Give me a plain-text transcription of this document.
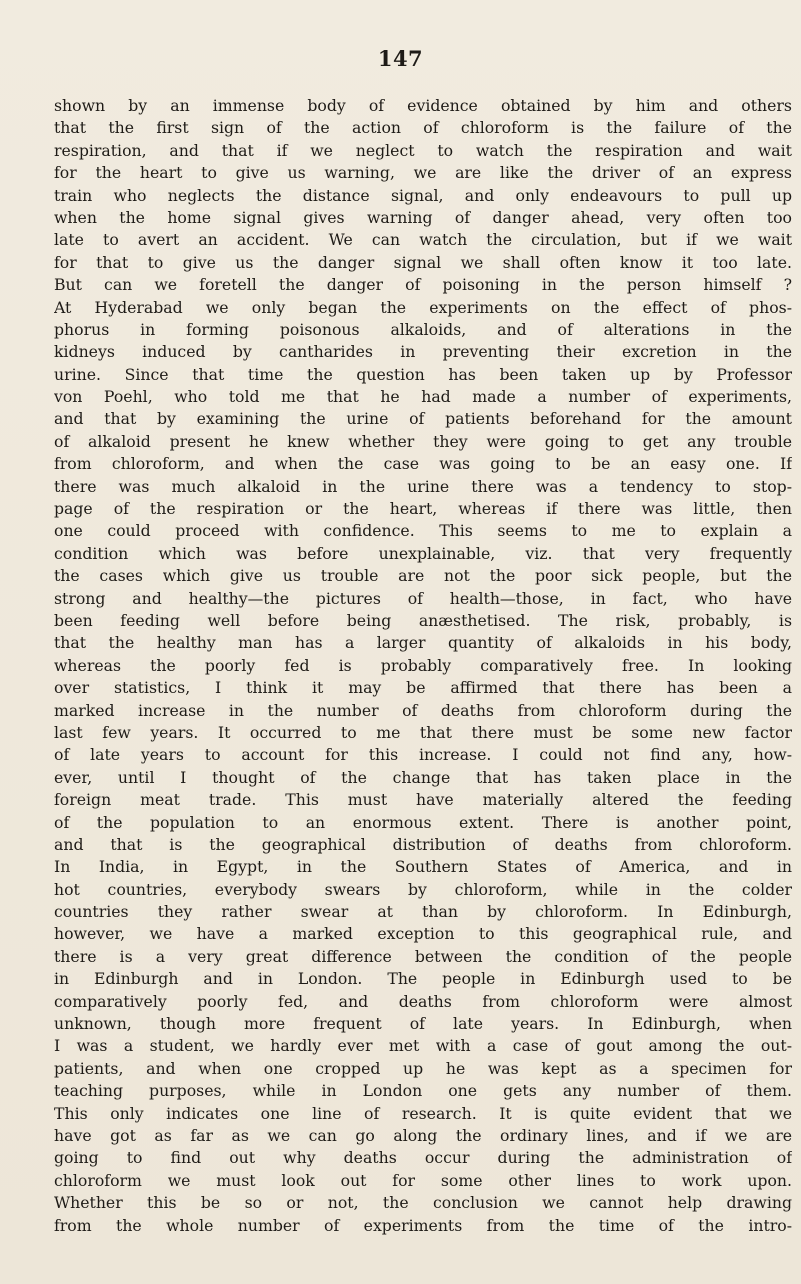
147
shown by an immense body of evidence obtained by him and others
that the first sign of the action of chloroform is the failure of the
respiration, and that if we neglect to watch the respiration and wait
for the heart to give us warning, we are like the driver of an express
train who neglects the distance signal, and only endeavours to pull up
when the home signal gives warning of danger ahead, very often too
late to avert an accident. We can watch the circulation, but if we wait
for that to give us the danger signal we shall often know it too late.
But can we foretell the danger of poisoning in the person himself ?
At Hyderabad we only began the experiments on the effect of phos-
phorus in forming poisonous alkaloids, and of alterations in the
kidneys induced by cantharides in preventing their excretion in the
urine. Since that time the question has been taken up by Professor
von Poehl, who told me that he had made a number of experiments,
and that by examining the urine of patients beforehand for the amount
of alkaloid present he knew whether they were going to get any trouble
from chloroform, and when the case was going to be an easy one. If
there was much alkaloid in the urine there was a tendency to stop-
page of the respiration or the heart, whereas if there was little, then
one could proceed with confidence. This seems to me to explain a
condition which was before unexplainable, viz. that very frequently
the cases which give us trouble are not the poor sick people, but the
strong and healthy—the pictures of health—those, in fact, who have
been feeding well before being anæsthetised. The risk, probably, is
that the healthy man has a larger quantity of alkaloids in his body,
whereas the poorly fed is probably comparatively free. In looking
over statistics, I think it may be affirmed that there has been a
marked increase in the number of deaths from chloroform during the
last few years. It occurred to me that there must be some new factor
of late years to account for this increase. I could not find any, how-
ever, until I thought of the change that has taken place in the
foreign meat trade. This must have materially altered the feeding
of the population to an enormous extent. There is another point,
and that is the geographical distribution of deaths from chloroform.
In India, in Egypt, in the Southern States of America, and in
hot countries, everybody swears by chloroform, while in the colder
countries they rather swear at than by chloroform. In Edinburgh,
however, we have a marked exception to this geographical rule, and
there is a very great difference between the condition of the people
in Edinburgh and in London. The people in Edinburgh used to be
comparatively poorly fed, and deaths from chloroform were almost
unknown, though more frequent of late years. In Edinburgh, when
I was a student, we hardly ever met with a case of gout among the out-
patients, and when one cropped up he was kept as a specimen for
teaching purposes, while in London one gets any number of them.
This only indicates one line of research. It is quite evident that we
have got as far as we can go along the ordinary lines, and if we are
going to find out why deaths occur during the administration of
chloroform we must look out for some other lines to work upon.
Whether this be so or not, the conclusion we cannot help drawing
from the whole number of experiments from the time of the intro-
